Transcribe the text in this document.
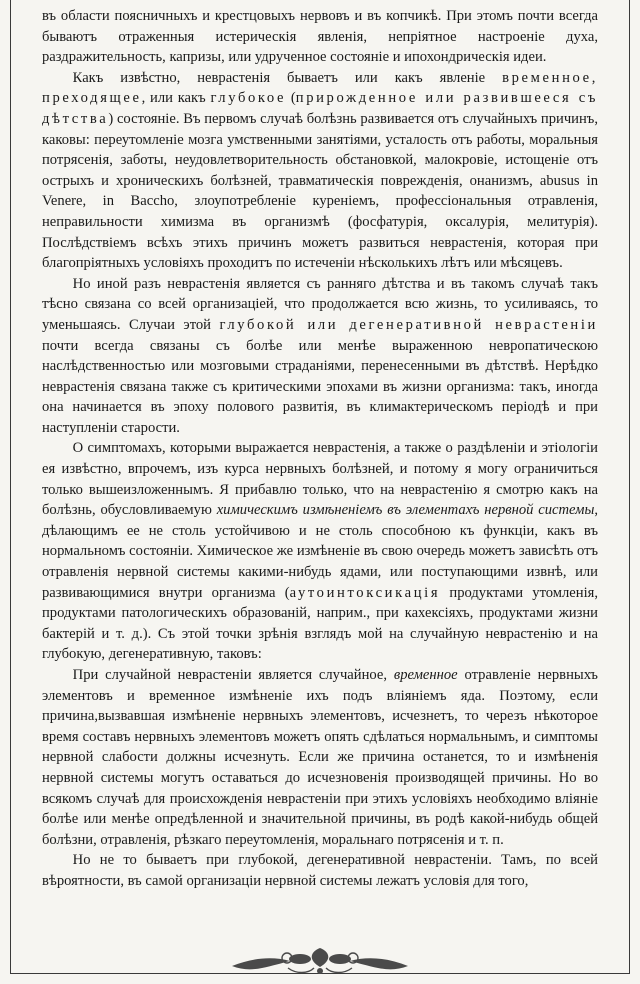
въ области поясничныхъ и крестцовыхъ нервовъ и въ копчикѣ. При этомъ почти всегда бываютъ отраженныя истерическія явленія, непріятное настроеніе духа, раздражительность, капризы, или удрученное состояніе и ипохондрическія идеи.

Какъ извѣстно, неврастенія бываетъ или какъ явленіе временное, преходящее, или какъ глубокое (прирожденное или развившееся съ дѣтства) состояніе. Въ первомъ случаѣ болѣзнь развивается отъ случайныхъ причинъ, каковы: переутомленіе мозга умственными занятіями, усталость отъ работы, моральныя потрясенія, заботы, неудовлетворительность обстановкой, малокровіе, истощеніе отъ острыхъ и хроническихъ болѣзней, травматическія поврежденія, онанизмъ, abusus in Venere, in Baccho, злоупотребленіе куреніемъ, профессіональныя отравленія, неправильности химизма въ организмѣ (фосфатурія, оксалурія, мелитурія). Послѣдствіемъ всѣхъ этихъ причинъ можетъ развиться неврастенія, которая при благопріятныхъ условіяхъ проходитъ по истеченіи нѣсколькихъ лѣтъ или мѣсяцевъ.

Но иной разъ неврастенія является съ ранняго дѣтства и въ такомъ случаѣ такъ тѣсно связана со всей организаціей, что продолжается всю жизнь, то усиливаясь, то уменьшаясь. Случаи этой глубокой или дегенеративной неврастеніи почти всегда связаны съ болѣе или менѣе выраженною невропатическою наслѣдственностью или мозговыми страданіями, перенесенными въ дѣтствѣ. Нерѣдко неврастенія связана также съ критическими эпохами въ жизни организма: такъ, иногда она начинается въ эпоху полового развитія, въ климактерическомъ періодѣ и при наступленіи старости.

О симптомахъ, которыми выражается неврастенія, а также о раздѣленіи и этіологіи ея извѣстно, впрочемъ, изъ курса нервныхъ болѣзней, и потому я могу ограничиться только вышеизложеннымъ. Я прибавлю только, что на неврастенію я смотрю какъ на болѣзнь, обусловливаемую химическимъ измѣненіемъ въ элементахъ нервной системы, дѣлающимъ ее не столь устойчивою и не столь способною къ функціи, какъ въ нормальномъ состояніи. Химическое же измѣненіе въ свою очередь можетъ зависѣть отъ отравленія нервной системы какими-нибудь ядами, или поступающими извнѣ, или развивающимися внутри организма (аутоинтоксикація продуктами утомленія, продуктами патологическихъ образованій, наприм., при кахексіяхъ, продуктами жизни бактерій и т. д.). Съ этой точки зрѣнія взглядъ мой на случайную неврастенію и на глубокую, дегенеративную, таковъ:

При случайной неврастеніи является случайное, временное отравленіе нервныхъ элементовъ и временное измѣненіе ихъ подъ вліяніемъ яда. Поэтому, если причина,вызвавшая измѣненіе нервныхъ элементовъ, исчезнетъ, то черезъ нѣкоторое время составъ нервныхъ элементовъ можетъ опять сдѣлаться нормальнымъ, и симптомы нервной слабости должны исчезнуть. Если же причина останется, то и измѣненія нервной системы могутъ оставаться до исчезновенія производящей причины. Но во всякомъ случаѣ для происхожденія неврастеніи при этихъ условіяхъ необходимо вліяніе болѣе или менѣе опредѣленной и значительной причины, въ родѣ какой-нибудь общей болѣзни, отравленія, рѣзкаго переутомленія, моральнаго потрясенія и т. п.

Но не то бываетъ при глубокой, дегенеративной неврастеніи. Тамъ, по всей вѣроятности, въ самой организаціи нервной системы лежатъ условія для того,
